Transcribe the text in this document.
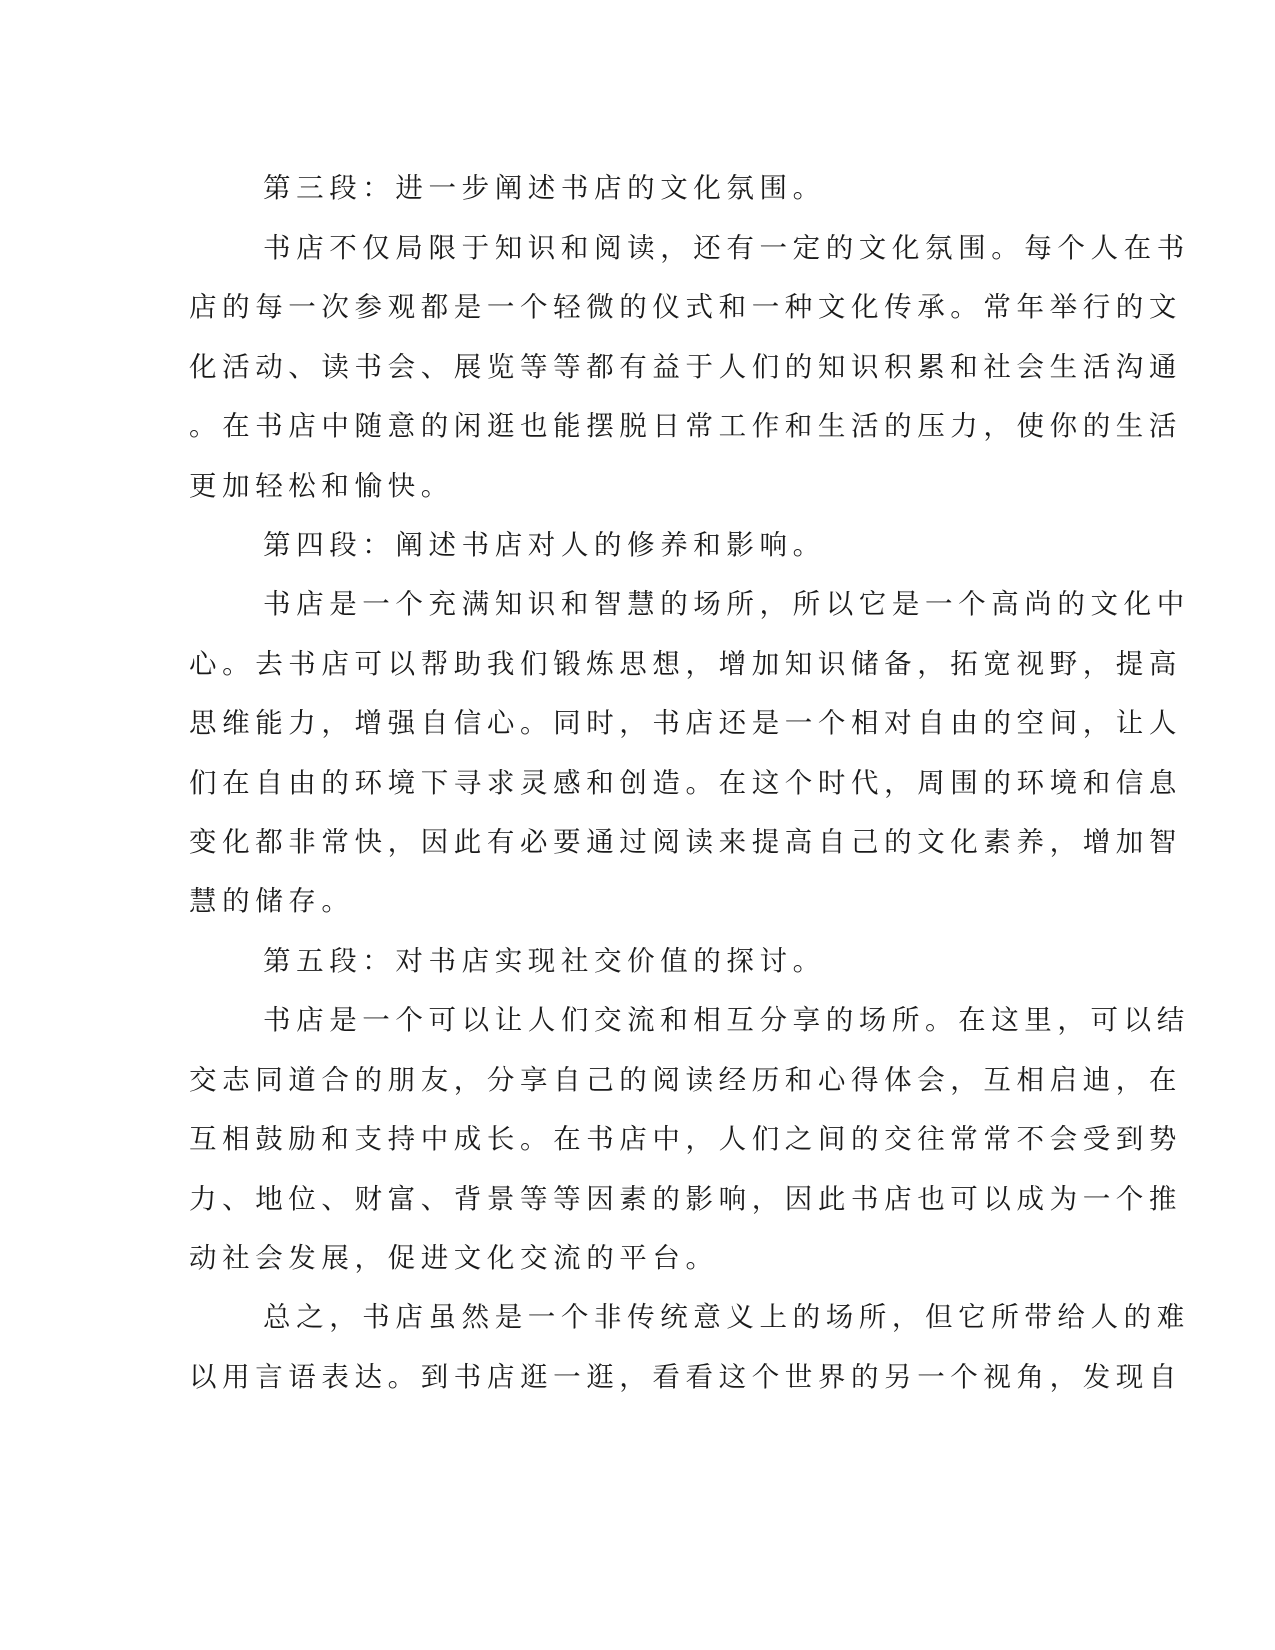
第三段：进一步阐述书店的文化氛围。
书店不仅局限于知识和阅读，还有一定的文化氛围。每个人在书
店的每一次参观都是一个轻微的仪式和一种文化传承。常年举行的文
化活动、读书会、展览等等都有益于人们的知识积累和社会生活沟通
。在书店中随意的闲逛也能摆脱日常工作和生活的压力，使你的生活
更加轻松和愉快。
第四段：阐述书店对人的修养和影响。
书店是一个充满知识和智慧的场所，所以它是一个高尚的文化中
心。去书店可以帮助我们锻炼思想，增加知识储备，拓宽视野，提高
思维能力，增强自信心。同时，书店还是一个相对自由的空间，让人
们在自由的环境下寻求灵感和创造。在这个时代，周围的环境和信息
变化都非常快，因此有必要通过阅读来提高自己的文化素养，增加智
慧的储存。
第五段：对书店实现社交价值的探讨。
书店是一个可以让人们交流和相互分享的场所。在这里，可以结
交志同道合的朋友，分享自己的阅读经历和心得体会，互相启迪，在
互相鼓励和支持中成长。在书店中，人们之间的交往常常不会受到势
力、地位、财富、背景等等因素的影响，因此书店也可以成为一个推
动社会发展，促进文化交流的平台。
总之，书店虽然是一个非传统意义上的场所，但它所带给人的难
以用言语表达。到书店逛一逛，看看这个世界的另一个视角，发现自
